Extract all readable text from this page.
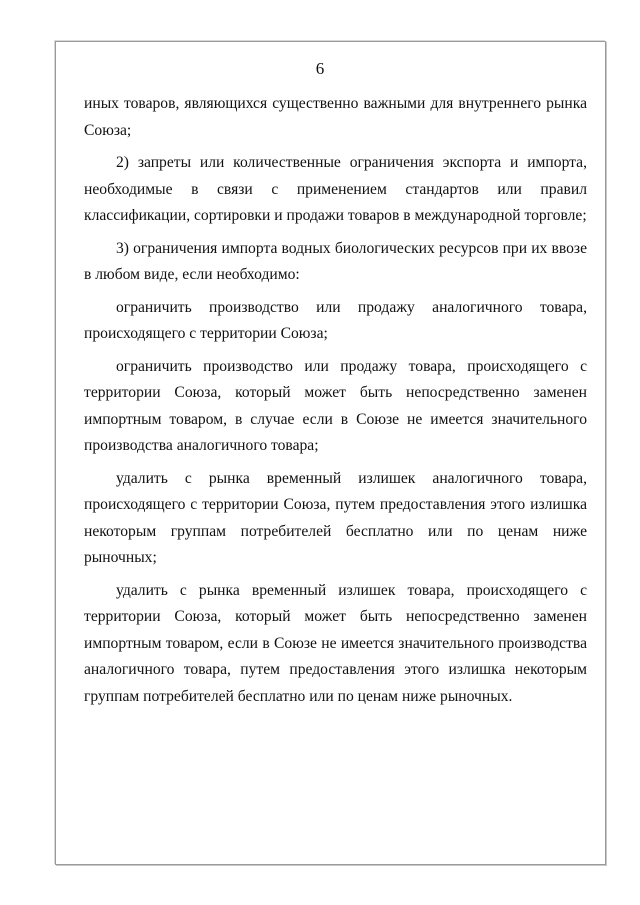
6

иных товаров, являющихся существенно важными для внутреннего рынка Союза;

2) запреты или количественные ограничения экспорта и импорта, необходимые в связи с применением стандартов или правил классификации, сортировки и продажи товаров в международной торговле;

3) ограничения импорта водных биологических ресурсов при их ввозе в любом виде, если необходимо:

ограничить производство или продажу аналогичного товара, происходящего с территории Союза;

ограничить производство или продажу товара, происходящего с территории Союза, который может быть непосредственно заменен импортным товаром, в случае если в Союзе не имеется значительного производства аналогичного товара;

удалить с рынка временный излишек аналогичного товара, происходящего с территории Союза, путем предоставления этого излишка некоторым группам потребителей бесплатно или по ценам ниже рыночных;

удалить с рынка временный излишек товара, происходящего с территории Союза, который может быть непосредственно заменен импортным товаром, если в Союзе не имеется значительного производства аналогичного товара, путем предоставления этого излишка некоторым группам потребителей бесплатно или по ценам ниже рыночных.
